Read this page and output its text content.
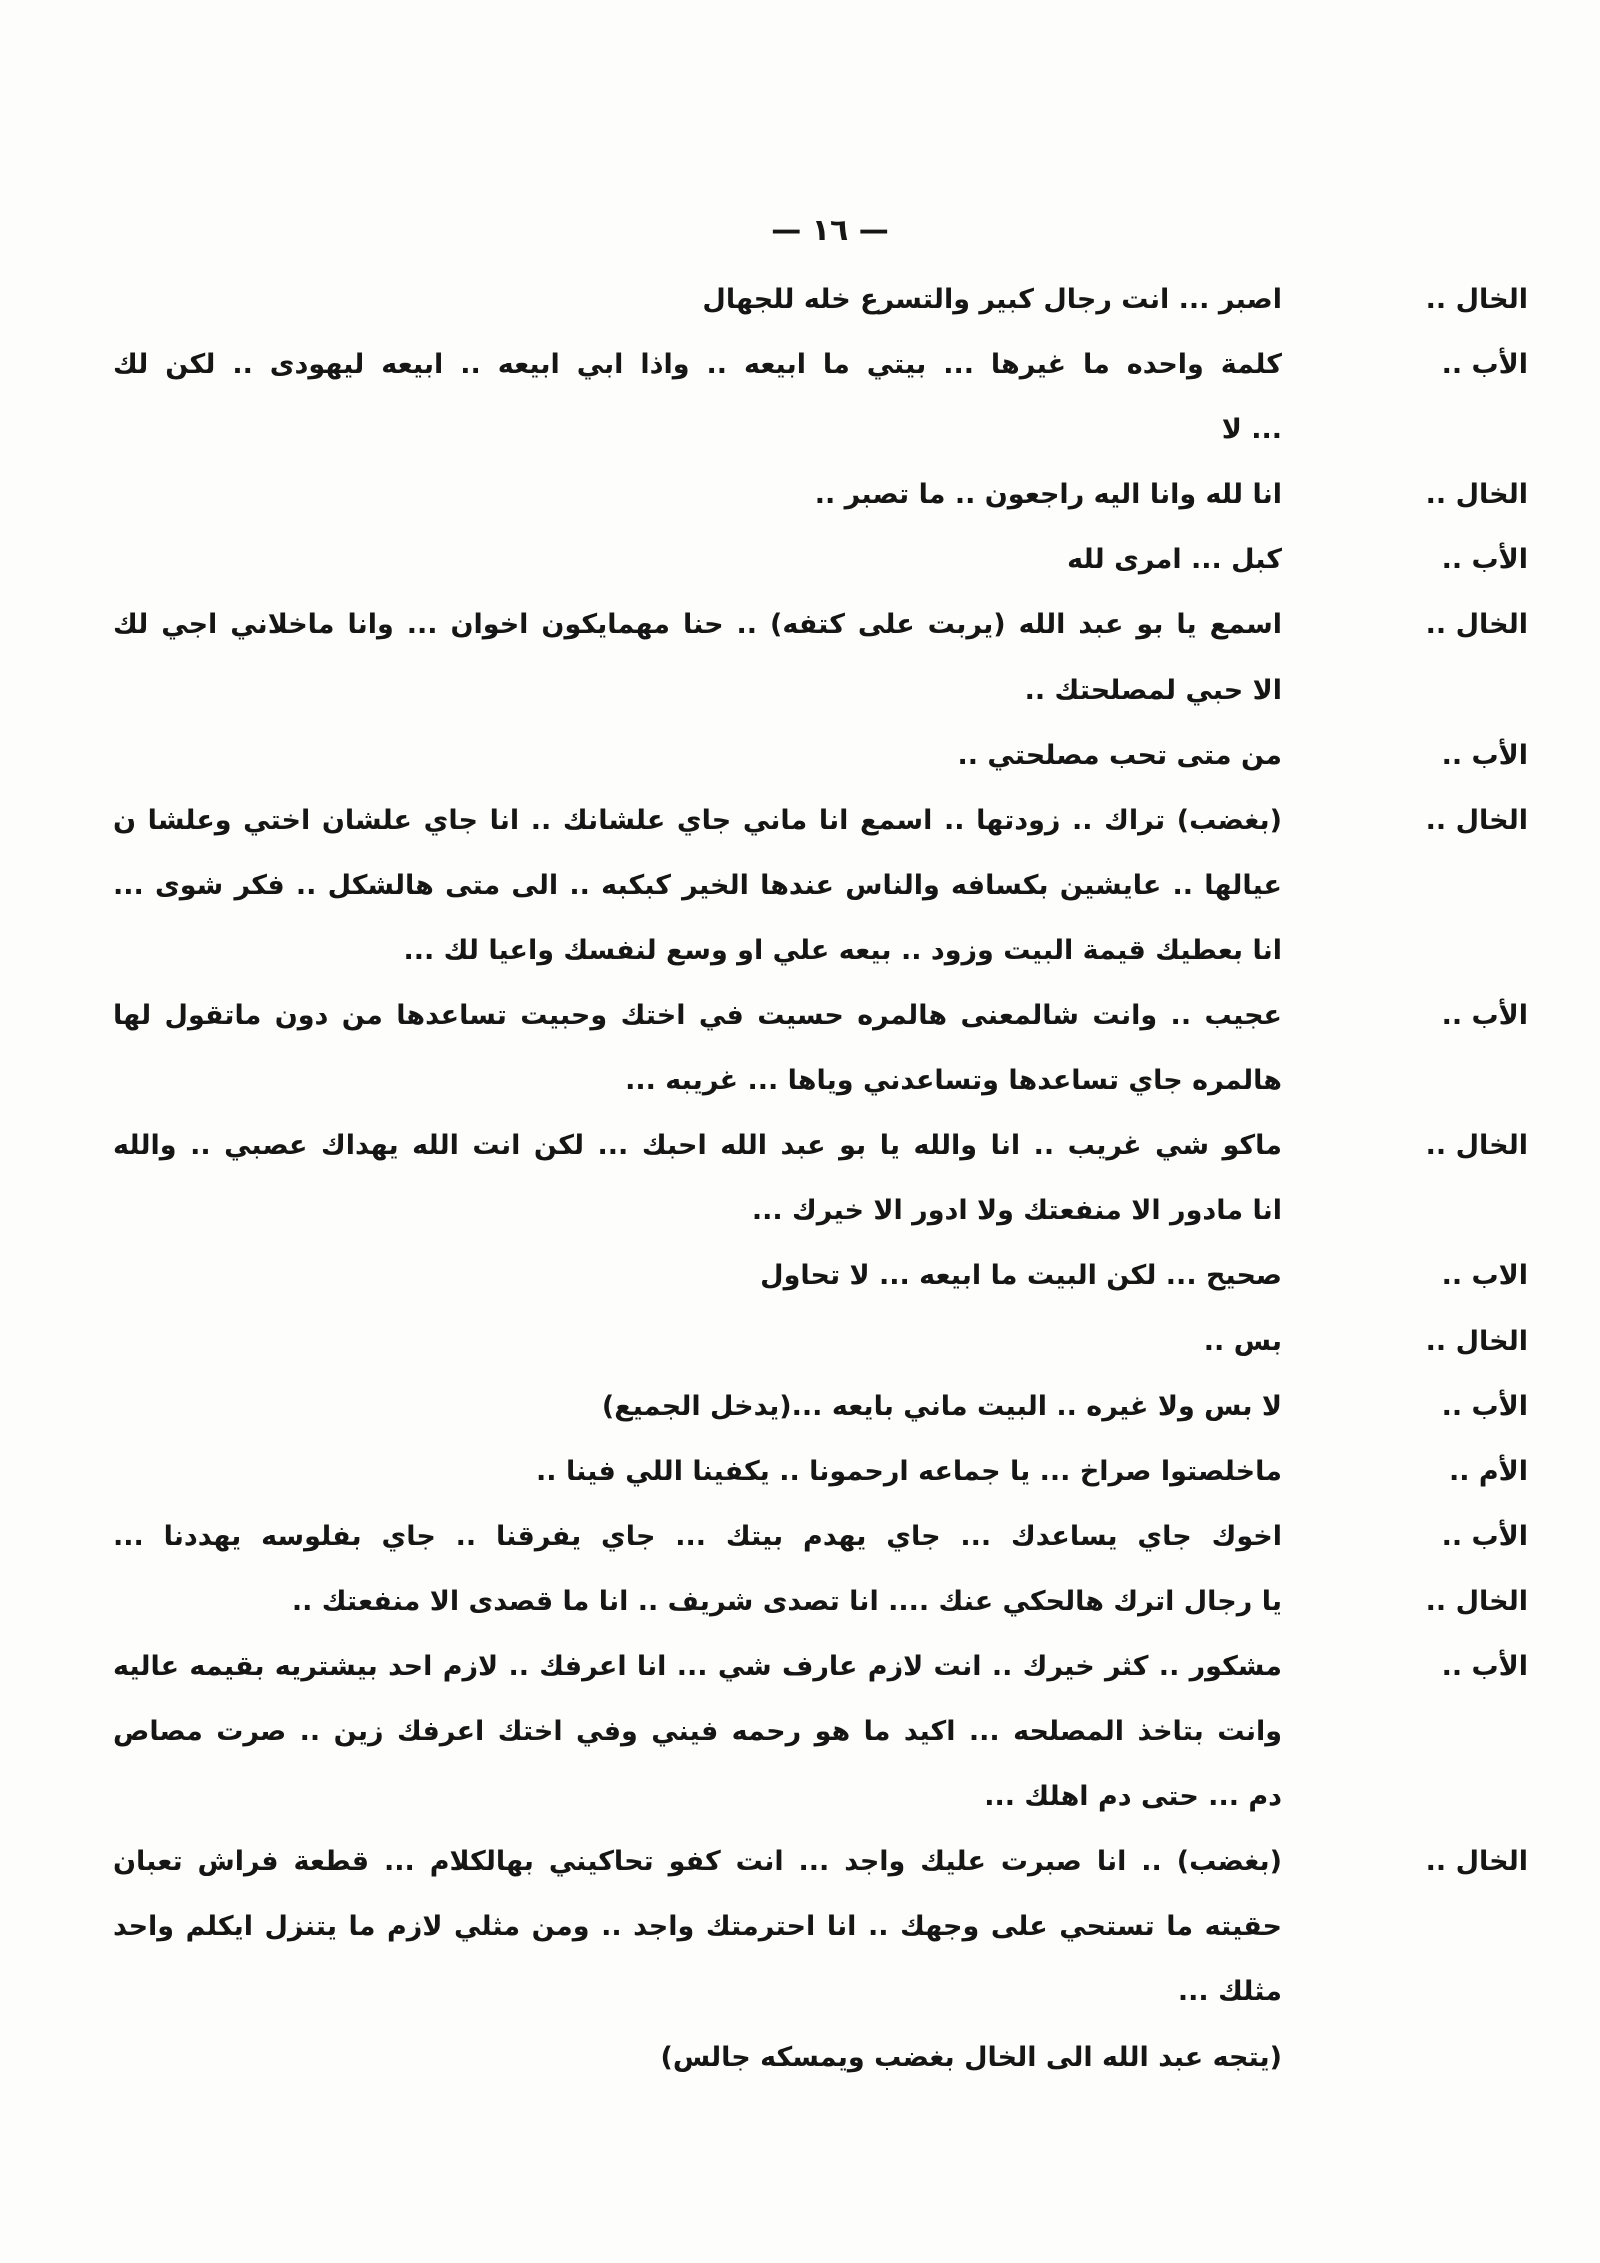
— ١٦ —
الخال ..
اصبر ... انت رجال كبير والتسرع خله للجهال
الأب ..
كلمة واحده ما غيرها ... بيتي ما ابيعه .. واذا ابي ابيعه .. ابيعه ليهودى .. لكن لك
... لا
الخال ..
انا لله وانا اليه راجعون .. ما تصبر ..
الأب ..
كبل ... امرى لله
الخال ..
اسمع يا بو عبد الله (يربت على كتفه) .. حنا مهمايكون اخوان ... وانا ماخلاني اجي لك
الا حبي لمصلحتك ..
الأب ..
من متى تحب مصلحتي ..
الخال ..
(بغضب) تراك .. زودتها .. اسمع انا ماني جاي علشانك .. انا جاي علشان اختي وعلشا ن
عيالها .. عايشين بكسافه والناس عندها الخير كبكبه .. الى متى هالشكل .. فكر شوى ...
انا بعطيك قيمة البيت وزود .. بيعه علي او وسع لنفسك واعيا لك ...
الأب ..
عجيب .. وانت شالمعنى هالمره حسيت في اختك وحبيت تساعدها من دون ماتقول لها
هالمره جاي تساعدها وتساعدني وياها ... غريبه ...
الخال ..
ماكو شي غريب .. انا والله يا بو عبد الله احبك ... لكن انت الله يهداك عصبي .. والله
انا مادور الا منفعتك ولا ادور الا خيرك ...
الاب ..
صحيح ... لكن البيت ما ابيعه ... لا تحاول
الخال ..
بس ..
الأب ..
لا بس ولا غيره .. البيت ماني بايعه ...(يدخل الجميع)
الأم ..
ماخلصتوا صراخ ... يا جماعه ارحمونا .. يكفينا اللي فينا ..
الأب ..
اخوك جاي يساعدك ... جاي يهدم بيتك ... جاي يفرقنا .. جاي بفلوسه يهددنا ...
الخال ..
يا رجال اترك هالحكي عنك .... انا تصدى شريف .. انا ما قصدى الا منفعتك ..
الأب ..
مشكور .. كثر خيرك .. انت لازم عارف شي ... انا اعرفك .. لازم احد بيشتريه بقيمه عاليه
وانت بتاخذ المصلحه ... اكيد ما هو رحمه فيني وفي اختك اعرفك زين .. صرت مصاص
دم ... حتى دم اهلك ...
الخال ..
(بغضب) .. انا صبرت عليك واجد ... انت كفو تحاكيني بهالكلام ... قطعة فراش تعبان
حقيته ما تستحي على وجهك .. انا احترمتك واجد .. ومن مثلي لازم ما يتنزل ايكلم واحد
مثلك ...
(يتجه عبد الله الى الخال بغضب ويمسكه جالس)
